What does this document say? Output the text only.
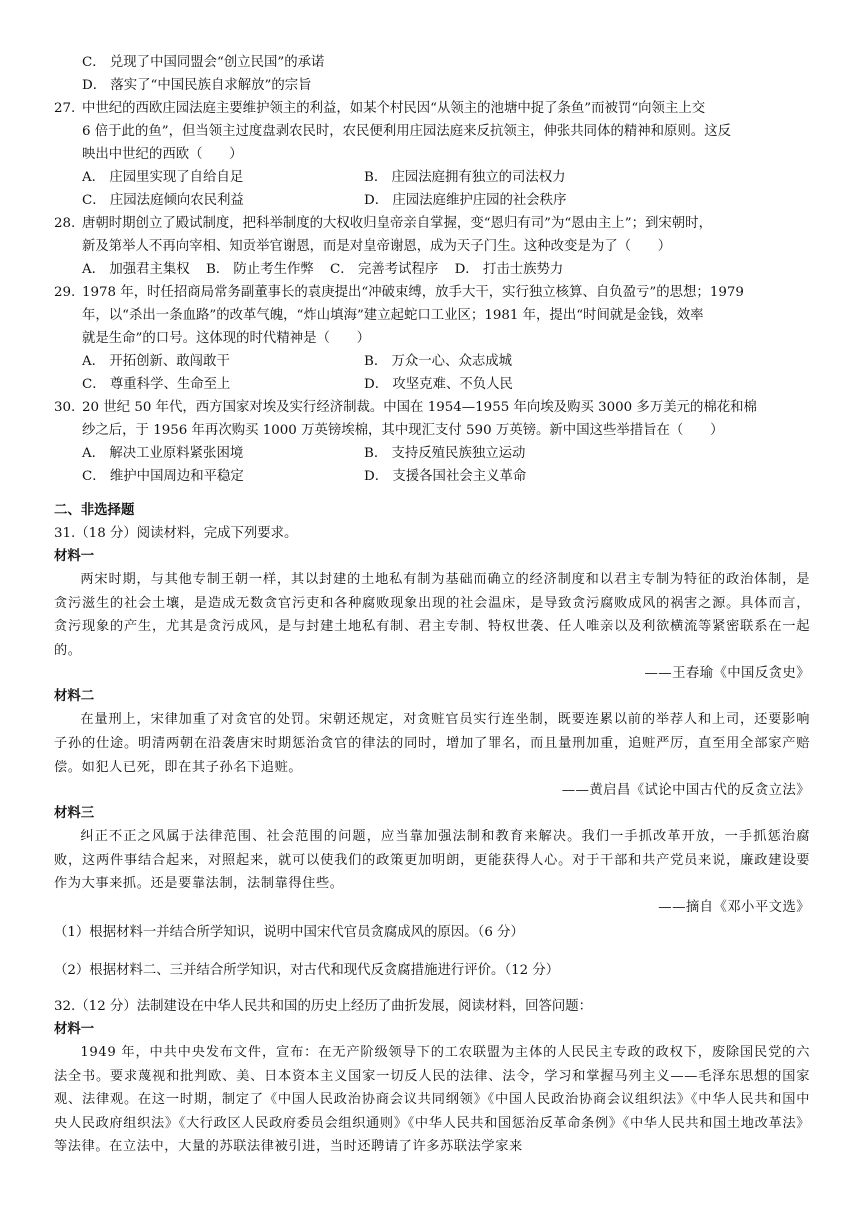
C． 兑现了中国同盟会“创立民国”的承诺
D． 落实了“中国民族自求解放”的宗旨
27. 中世纪的西欧庄园法庭主要维护领主的利益，如某个村民因“从领主的池塘中捉了条鱼”而被罚“向领主上交
6 倍于此的鱼”，但当领主过度盘剥农民时，农民便利用庄园法庭来反抗领主，伸张共同体的精神和原则。这反
映出中世纪的西欧（　　）
A． 庄园里实现了自给自足	B． 庄园法庭拥有独立的司法权力
C． 庄园法庭倾向农民利益	D． 庄园法庭维护庄园的社会秩序
28. 唐朝时期创立了殿试制度，把科举制度的大权收归皇帝亲自掌握，变“恩归有司”为“恩由主上”；到宋朝时，
新及第举人不再向宰相、知贡举官谢恩，而是对皇帝谢恩，成为天子门生。这种改变是为了（　　）
A． 加强君主集权 B． 防止考生作弊 C． 完善考试程序 D． 打击士族势力
29. 1978 年，时任招商局常务副董事长的袁庚提出“冲破束缚，放手大干，实行独立核算、自负盈亏”的思想；1979
年，以“杀出一条血路”的改革气魄，“炸山填海”建立起蛇口工业区；1981 年，提出“时间就是金钱，效率
就是生命”的口号。这体现的时代精神是（　　）
A． 开拓创新、敢闯敢干	B． 万众一心、众志成城
C． 尊重科学、生命至上	D． 攻坚克难、不负人民
30. 20 世纪 50 年代，西方国家对埃及实行经济制裁。中国在 1954—1955 年向埃及购买 3000 多万美元的棉花和棉
纱之后，于 1956 年再次购买 1000 万英镑埃棉，其中现汇支付 590 万英镑。新中国这些举措旨在（　　）
A． 解决工业原料紧张困境	B． 支持反殖民族独立运动
C． 维护中国周边和平稳定	D． 支援各国社会主义革命
二、非选择题
31.（18 分）阅读材料，完成下列要求。
材料一

两宋时期，与其他专制王朝一样，其以封建的土地私有制为基础而确立的经济制度和以君主专制为特征的政治体制，是贪污滋生的社会土壤，是造成无数贪官污吏和各种腐败现象出现的社会温床，是导致贪污腐败成风的祸害之源。具体而言，贪污现象的产生，尤其是贪污成风，是与封建土地私有制、君主专制、特权世袭、任人唯亲以及利欲横流等紧密联系在一起的。

——王春瑜《中国反贪史》
材料二

在量刑上，宋律加重了对贪官的处罚。宋朝还规定，对贪赃官员实行连坐制，既要连累以前的举荐人和上司，还要影响子孙的仕途。明清两朝在沿袭唐宋时期惩治贪官的律法的同时，增加了罪名，而且量刑加重，追赃严厉，直至用全部家产赔偿。如犯人已死，即在其子孙名下追赃。

——黄启昌《试论中国古代的反贪立法》
材料三

纠正不正之风属于法律范围、社会范围的问题，应当靠加强法制和教育来解决。我们一手抓改革开放，一手抓惩治腐败，这两件事结合起来，对照起来，就可以使我们的政策更加明朗，更能获得人心。对于干部和共产党员来说，廉政建设要作为大事来抓。还是要靠法制，法制靠得住些。

——摘自《邓小平文选》
（1）根据材料一并结合所学知识，说明中国宋代官员贪腐成风的原因。（6 分）
（2）根据材料二、三并结合所学知识，对古代和现代反贪腐措施进行评价。（12 分）
32.（12 分）法制建设在中华人民共和国的历史上经历了曲折发展，阅读材料，回答问题：
材料一

1949 年，中共中央发布文件，宣布：在无产阶级领导下的工农联盟为主体的人民民主专政的政权下，废除国民党的六法全书。要求蔑视和批判欧、美、日本资本主义国家一切反人民的法律、法令，学习和掌握马列主义——毛泽东思想的国家观、法律观。在这一时期，制定了《中国人民政治协商会议共同纲领》《中国人民政治协商会议组织法》《中华人民共和国中央人民政府组织法》《大行政区人民政府委员会组织通则》《中华人民共和国惩治反革命条例》《中华人民共和国土地改革法》等法律。在立法中，大量的苏联法律被引进，当时还聘请了许多苏联法学家来
